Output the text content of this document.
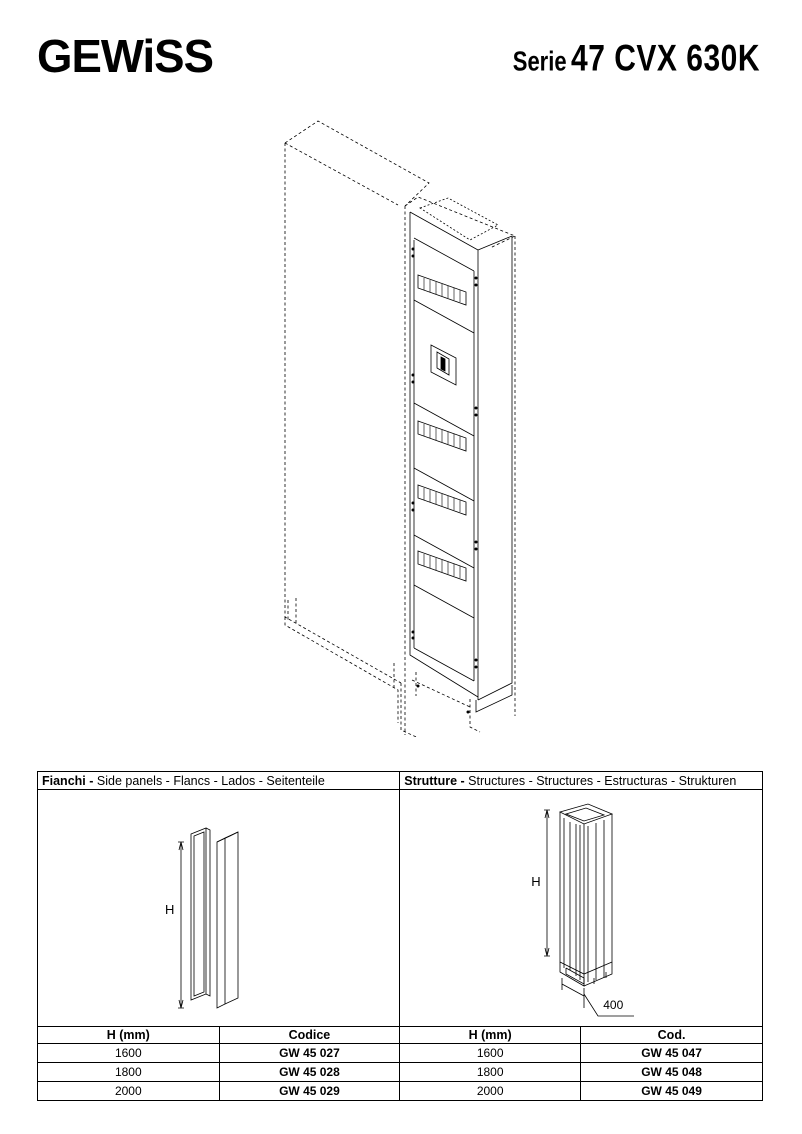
GEWiSS	Serie 47 CVX 630K
Fianchi - Side panels - Flancs - Lados - Seitenteile		Strutture - Structures - Structures - Estructuras - Strukturen	

H		H
400	

H (mm)	Codice	H (mm)	Cod.
1600	GW 45 027	1600	GW 45 047
1800	GW 45 028	1800	GW 45 048
2000	GW 45 029	2000	GW 45 049
